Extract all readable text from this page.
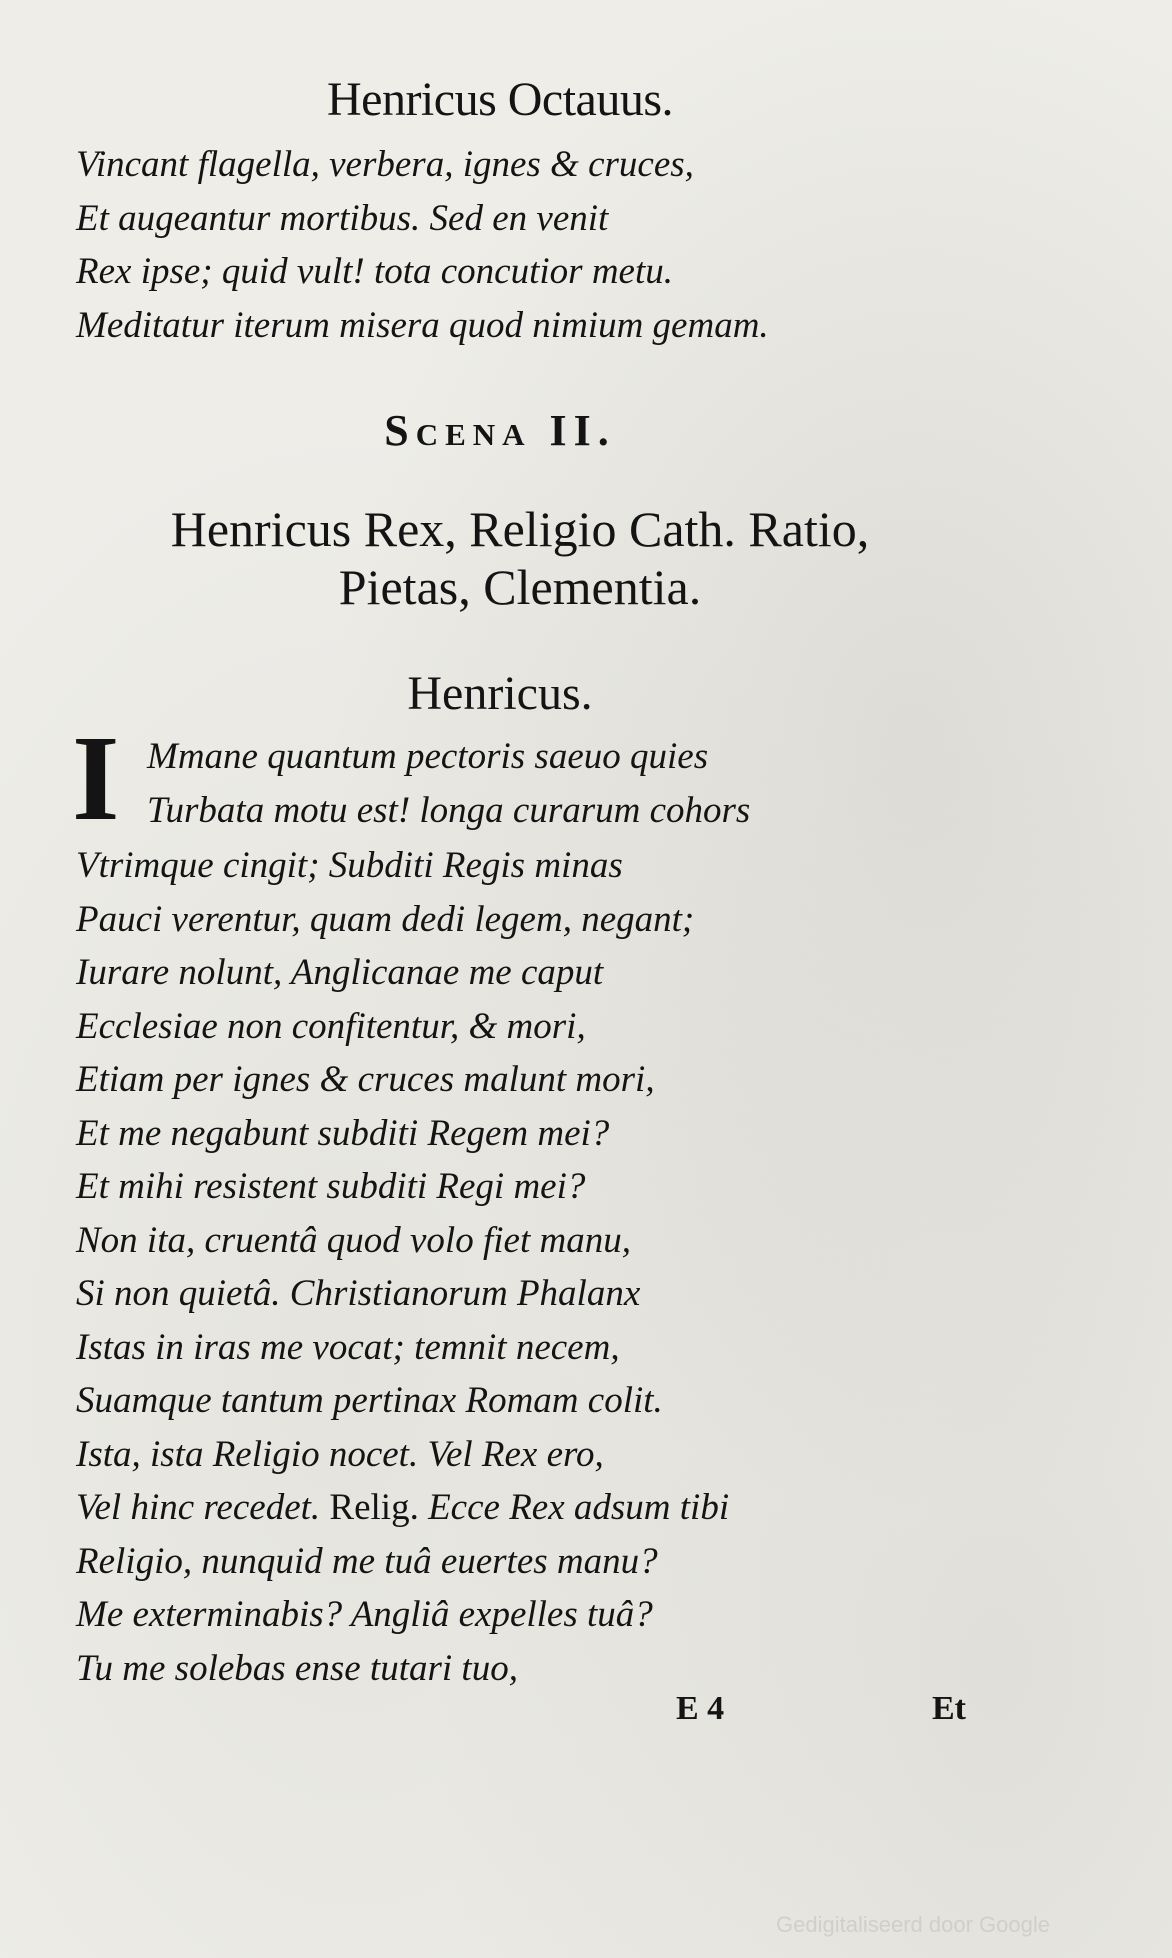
Henricus Octauus.
Vincant flagella, verbera, ignes & cruces,
Et augeantur mortibus. Sed en venit
Rex ipse; quid vult! tota concutior metu.
Meditatur iterum misera quod nimium gemam.
Scena II.
Henricus Rex, Religio Cath. Ratio,
Pietas, Clementia.
Henricus.
I Mmane quantum pectoris saeuo quies
Turbata motu est! longa curarum cohors
Vtrimque cingit; Subditi Regis minas
Pauci verentur, quam dedi legem, negant;
Iurare nolunt, Anglicanae me caput
Ecclesiae non confitentur, & mori,
Etiam per ignes & cruces malunt mori,
Et me negabunt subditi Regem mei?
Et mihi resistent subditi Regi mei?
Non ita, cruentâ quod volo fiet manu,
Si non quietâ. Christianorum Phalanx
Istas in iras me vocat; temnit necem,
Suamque tantum pertinax Romam colit.
Ista, ista Religio nocet. Vel Rex ero,
Vel hinc recedet. Relig. Ecce Rex adsum tibi
Religio, nunquid me tuâ euertes manu?
Me exterminabis? Angliâ expelles tuâ?
Tu me solebas ense tutari tuo,
E 4	Et
Gedigitaliseerd door Google
